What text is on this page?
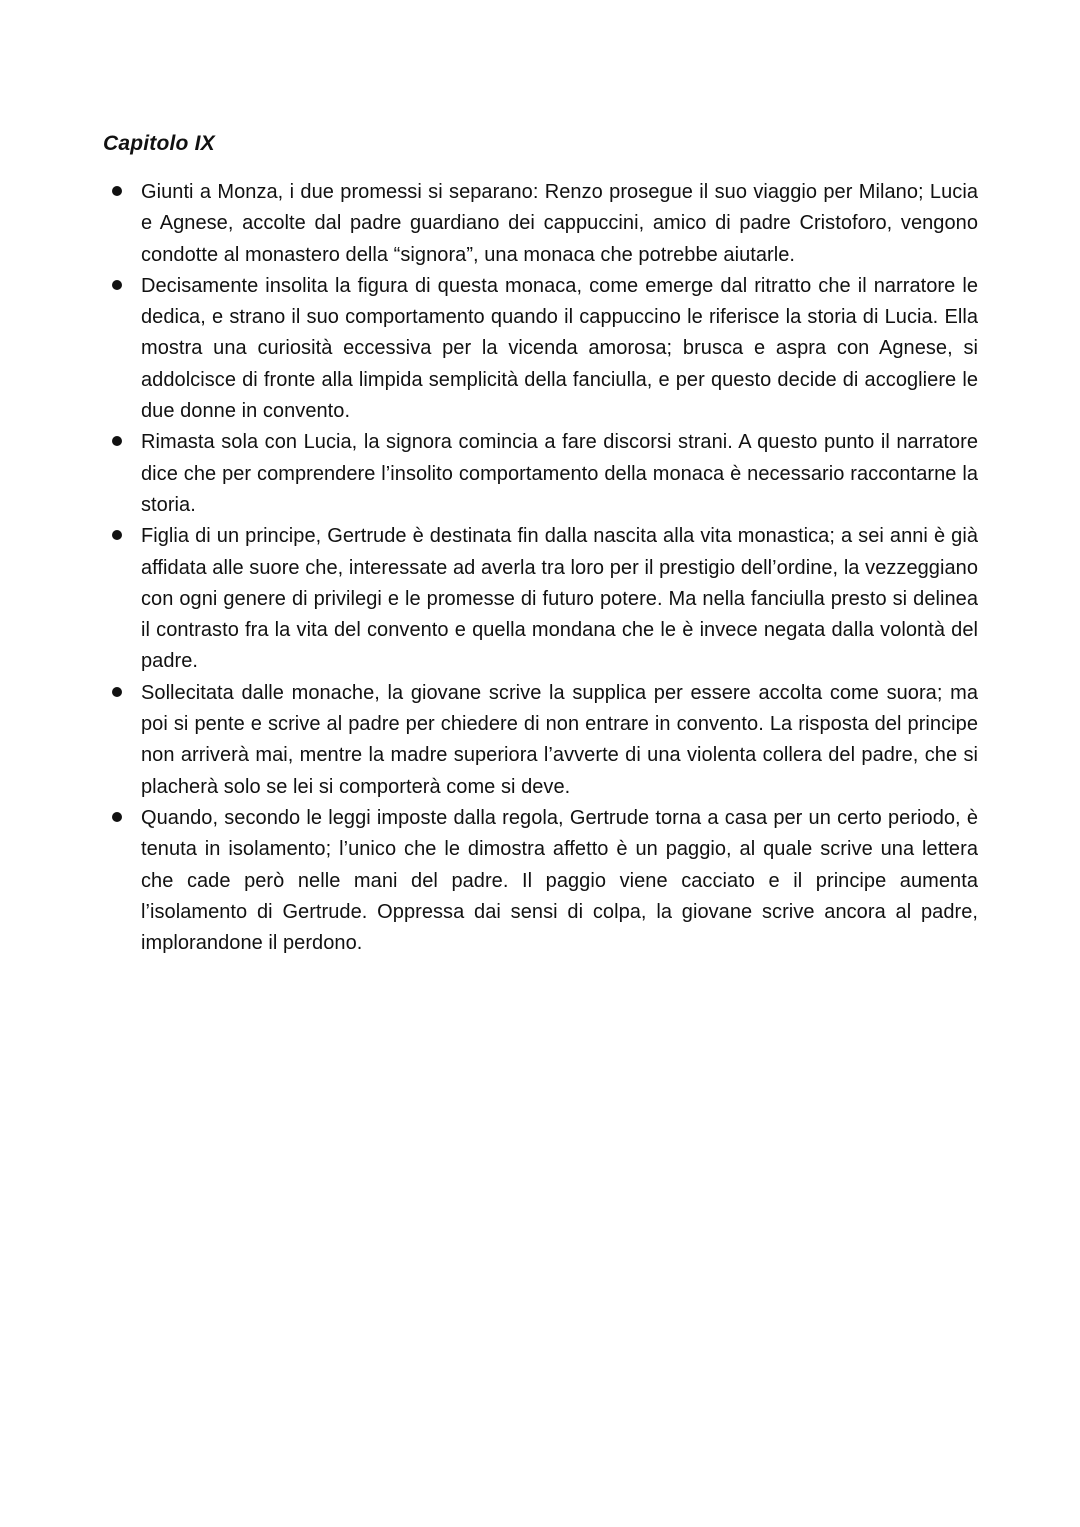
Capitolo IX
Giunti a Monza, i due promessi si separano: Renzo prosegue il suo viaggio per Milano; Lucia e Agnese, accolte dal padre guardiano dei cappuccini, amico di padre Cristoforo, vengono condotte al monastero della “signora”, una monaca che potrebbe aiutarle.
Decisamente insolita la figura di questa monaca, come emerge dal ritratto che il narratore le dedica, e strano il suo comportamento quando il cappuccino le riferisce la storia di Lucia. Ella mostra una curiosità eccessiva per la vicenda amorosa; brusca e aspra con Agnese, si addolcisce di fronte alla limpida semplicità della fanciulla, e per questo decide di accogliere le due donne in convento.
Rimasta sola con Lucia, la signora comincia a fare discorsi strani. A questo punto il narratore dice che per comprendere l’insolito comportamento della monaca è necessario raccontarne la storia.
Figlia di un principe, Gertrude è destinata fin dalla nascita alla vita monastica; a sei anni è già affidata alle suore che, interessate ad averla tra loro per il prestigio dell’ordine, la vezzeggiano con ogni genere di privilegi e le promesse di futuro potere. Ma nella fanciulla presto si delinea il contrasto fra la vita del convento e quella mondana che le è invece negata dalla volontà del padre.
Sollecitata dalle monache, la giovane scrive la supplica per essere accolta come suora; ma poi si pente e scrive al padre per chiedere di non entrare in convento. La risposta del principe non arriverà mai, mentre la madre superiora l’avverte di una violenta collera del padre, che si placherà solo se lei si comporterà come si deve.
Quando, secondo le leggi imposte dalla regola, Gertrude torna a casa per un certo periodo, è tenuta in isolamento; l’unico che le dimostra affetto è un paggio, al quale scrive una lettera che cade però nelle mani del padre. Il paggio viene cacciato e il principe aumenta l’isolamento di Gertrude. Oppressa dai sensi di colpa, la giovane scrive ancora al padre, implorandone il perdono.
